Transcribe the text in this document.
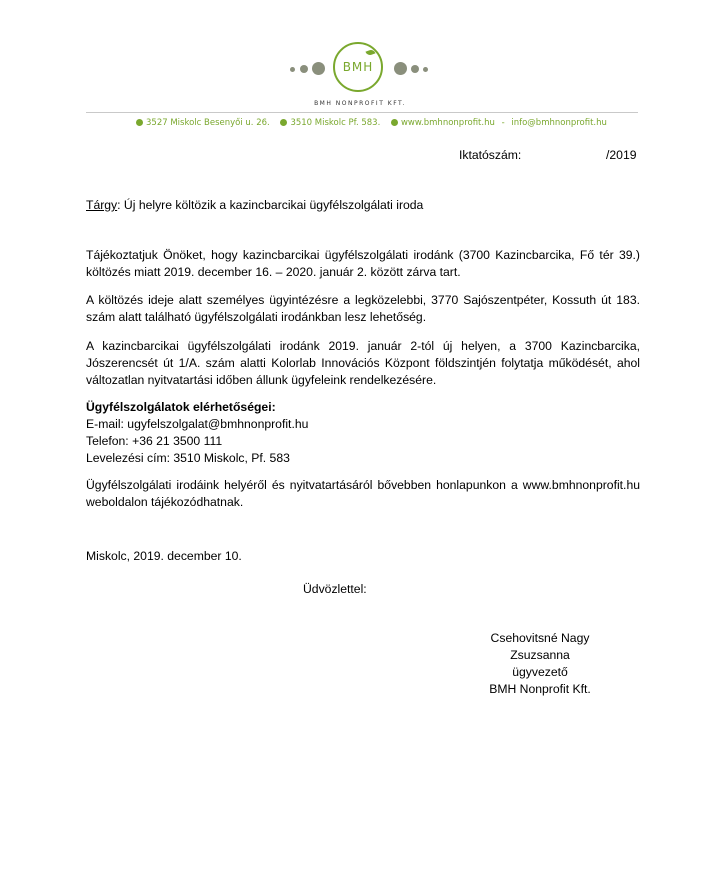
BMH
BMH NONPROFIT KFT.
3527 Miskolc Besenyői u. 26. 3510 Miskolc Pf. 583. www.bmhnonprofit.hu - info@bmhnonprofit.hu
Iktatószám:	/2019
Tárgy: Új helyre költözik a kazincbarcikai ügyfélszolgálati iroda
Tájékoztatjuk Önöket, hogy kazincbarcikai ügyfélszolgálati irodánk (3700 Kazincbarcika, Fő tér 39.) költözés miatt 2019. december 16. – 2020. január 2. között zárva tart.
A költözés ideje alatt személyes ügyintézésre a legközelebbi, 3770 Sajószentpéter, Kossuth út 183. szám alatt található ügyfélszolgálati irodánkban lesz lehetőség.
A kazincbarcikai ügyfélszolgálati irodánk 2019. január 2-tól új helyen, a 3700 Kazincbarcika, Jószerencsét út 1/A. szám alatti Kolorlab Innovációs Központ földszintjén folytatja működését, ahol változatlan nyitvatartási időben állunk ügyfeleink rendelkezésére.
Ügyfélszolgálatok elérhetőségei:
E-mail: ugyfelszolgalat@bmhnonprofit.hu
Telefon: +36 21 3500 111
Levelezési cím: 3510 Miskolc, Pf. 583
Ügyfélszolgálati irodáink helyéről és nyitvatartásáról bővebben honlapunkon a www.bmhnonprofit.hu weboldalon tájékozódhatnak.
Miskolc, 2019. december 10.
Üdvözlettel:
Csehovitsné Nagy Zsuzsanna
ügyvezető
BMH Nonprofit Kft.
